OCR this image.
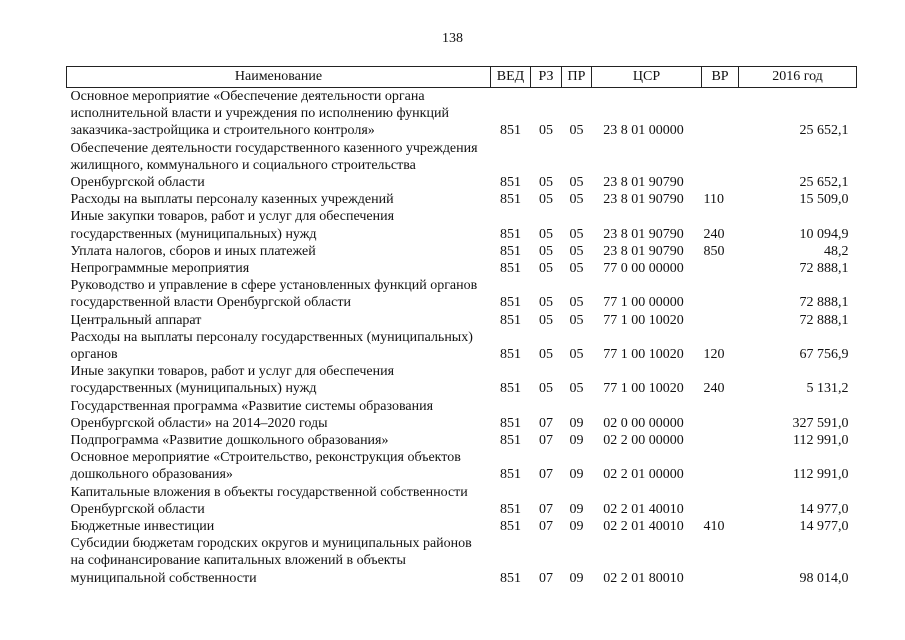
138
Наименование	ВЕД	РЗ	ПР	ЦСР	ВР	2016 год
Основное мероприятие «Обеспечение деятельности органа исполнительной власти и учреждения по исполнению функций заказчика-застройщика и строительного контроля»	851	05	05	23 8 01 00000		25 652,1
Обеспечение деятельности государственного казенного учреждения жилищного, коммунального и социального строительства Оренбургской области	851	05	05	23 8 01 90790		25 652,1
Расходы на выплаты персоналу казенных учреждений	851	05	05	23 8 01 90790	110	15 509,0
Иные закупки товаров, работ и услуг для обеспечения государственных (муниципальных) нужд	851	05	05	23 8 01 90790	240	10 094,9
Уплата налогов, сборов и иных платежей	851	05	05	23 8 01 90790	850	48,2
Непрограммные мероприятия	851	05	05	77 0 00 00000		72 888,1
Руководство и управление в сфере установленных функций органов государственной власти Оренбургской области	851	05	05	77 1 00 00000		72 888,1
Центральный аппарат	851	05	05	77 1 00 10020		72 888,1
Расходы на выплаты персоналу государственных (муниципальных) органов	851	05	05	77 1 00 10020	120	67 756,9
Иные закупки товаров, работ и услуг для обеспечения государственных (муниципальных) нужд	851	05	05	77 1 00 10020	240	5 131,2
Государственная программа «Развитие системы образования Оренбургской области» на 2014–2020 годы	851	07	09	02 0 00 00000		327 591,0
Подпрограмма «Развитие дошкольного образования»	851	07	09	02 2 00 00000		112 991,0
Основное мероприятие «Строительство, реконструкция объектов дошкольного образования»	851	07	09	02 2 01 00000		112 991,0
Капитальные вложения в объекты государственной собственности Оренбургской области	851	07	09	02 2 01 40010		14 977,0
Бюджетные инвестиции	851	07	09	02 2 01 40010	410	14 977,0
Субсидии бюджетам городских округов и муниципальных районов на софинансирование капитальных вложений в объекты муниципальной собственности	851	07	09	02 2 01 80010		98 014,0
